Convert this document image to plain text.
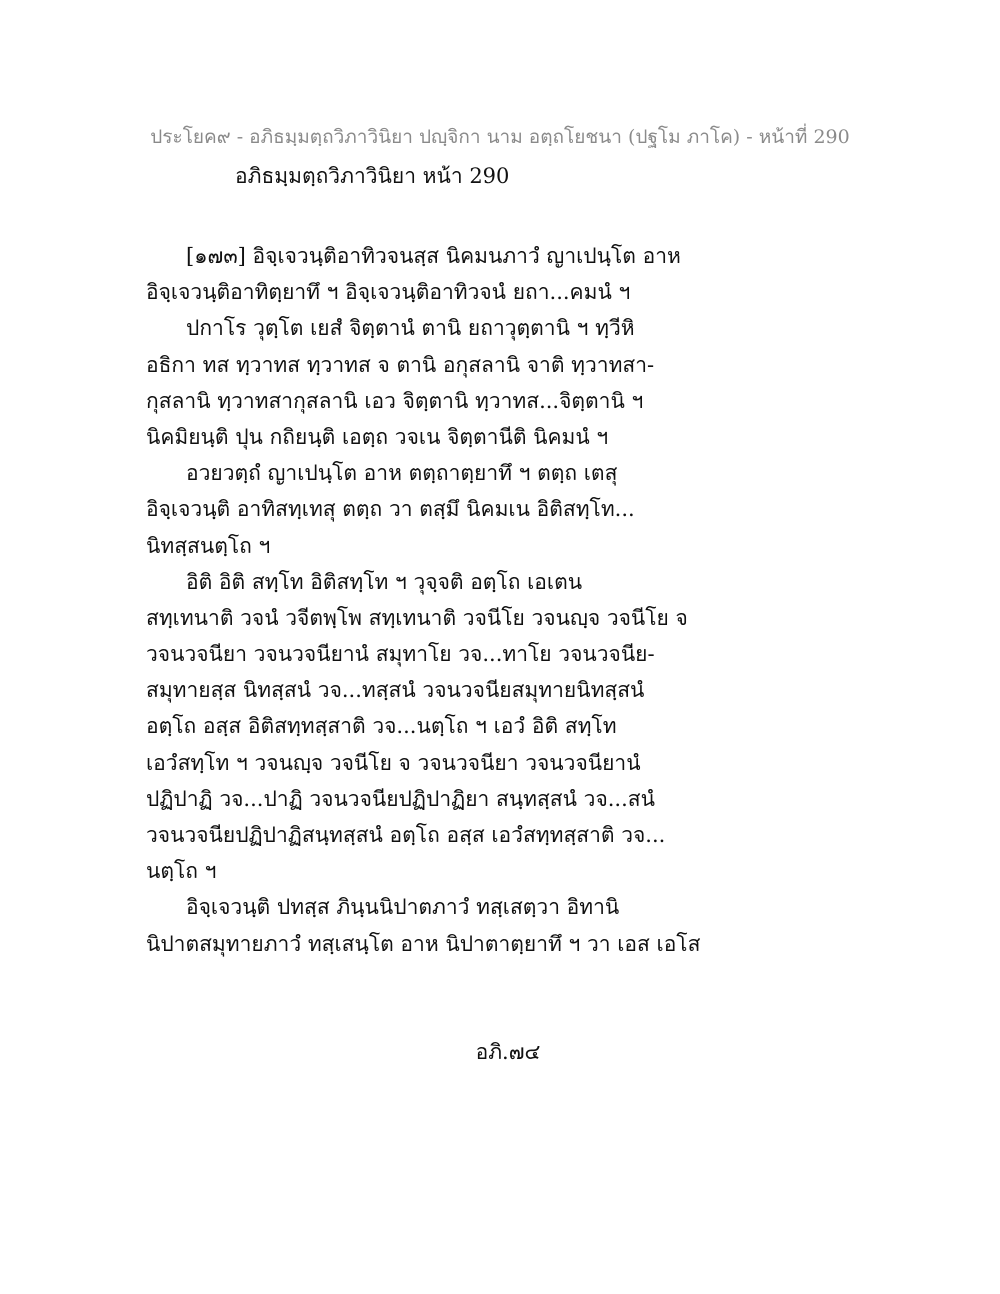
ประโยค๙ - อภิธมฺมตฺถวิภาวินิยา ปญฺจิกา นาม อตฺถโยชนา (ปฐโม ภาโค) - หน้าที่ 290
อภิธมฺมตฺถวิภาวินิยา หน้า 290
[๑๗๓] อิจฺเจวนฺติอาทิวจนสฺส นิคมนภาวํ ญาเปนฺโต อาห
อิจฺเจวนฺติอาทิตฺยาทึ ฯ อิจฺเจวนฺติอาทิวจนํ ยถา...คมนํ ฯ
ปกาโร วุตฺโต เยสํ จิตฺตานํ ตานิ ยถาวุตฺตานิ ฯ ทฺวีหิ
อธิกา ทส ทฺวาทส ทฺวาทส จ ตานิ อกุสลานิ จาติ ทฺวาทสา-
กุสลานิ ทฺวาทสากุสลานิ เอว จิตฺตานิ ทฺวาทส...จิตฺตานิ ฯ
นิคมิยนฺติ ปุน กถิยนฺติ เอตฺถ วจเน จิตฺตานีติ นิคมนํ ฯ
อวยวตฺถํ ญาเปนฺโต อาห ตตฺถาตฺยาทึ ฯ ตตฺถ เตสุ
อิจฺเจวนฺติ อาทิสทฺเทสุ ตตฺถ วา ตสฺมึ นิคมเน อิติสทฺโท...
นิทสฺสนตฺโถ ฯ
อิติ อิติ สทฺโท อิติสทฺโท ฯ วุจฺจติ อตฺโถ เอเตน
สทฺเทนาติ วจนํ วจีตพฺโพ สทฺเทนาติ วจนีโย วจนญฺจ วจนีโย จ
วจนวจนียา วจนวจนียานํ สมุทาโย วจ...ทาโย วจนวจนีย-
สมุทายสฺส นิทสฺสนํ วจ...ทสฺสนํ วจนวจนียสมุทายนิทสฺสนํ
อตฺโถ อสฺส อิติสทฺทสฺสาติ วจ...นตฺโถ ฯ เอวํ อิติ สทฺโท
เอวํสทฺโท ฯ วจนญฺจ วจนีโย จ วจนวจนียา วจนวจนียานํ
ปฏิปาฏิ วจ...ปาฏิ วจนวจนียปฏิปาฏิยา สนฺทสฺสนํ วจ...สนํ
วจนวจนียปฏิปาฏิสนฺทสฺสนํ อตฺโถ อสฺส เอวํสทฺทสฺสาติ วจ...
นตฺโถ ฯ
อิจฺเจวนฺติ ปทสฺส ภินฺนนิปาตภาวํ ทสฺเสตฺวา อิทานิ
นิปาตสมุทายภาวํ ทสฺเสนฺโต อาห นิปาตาตฺยาทึ ฯ วา เอส เอโส
อภิ.๗๔
